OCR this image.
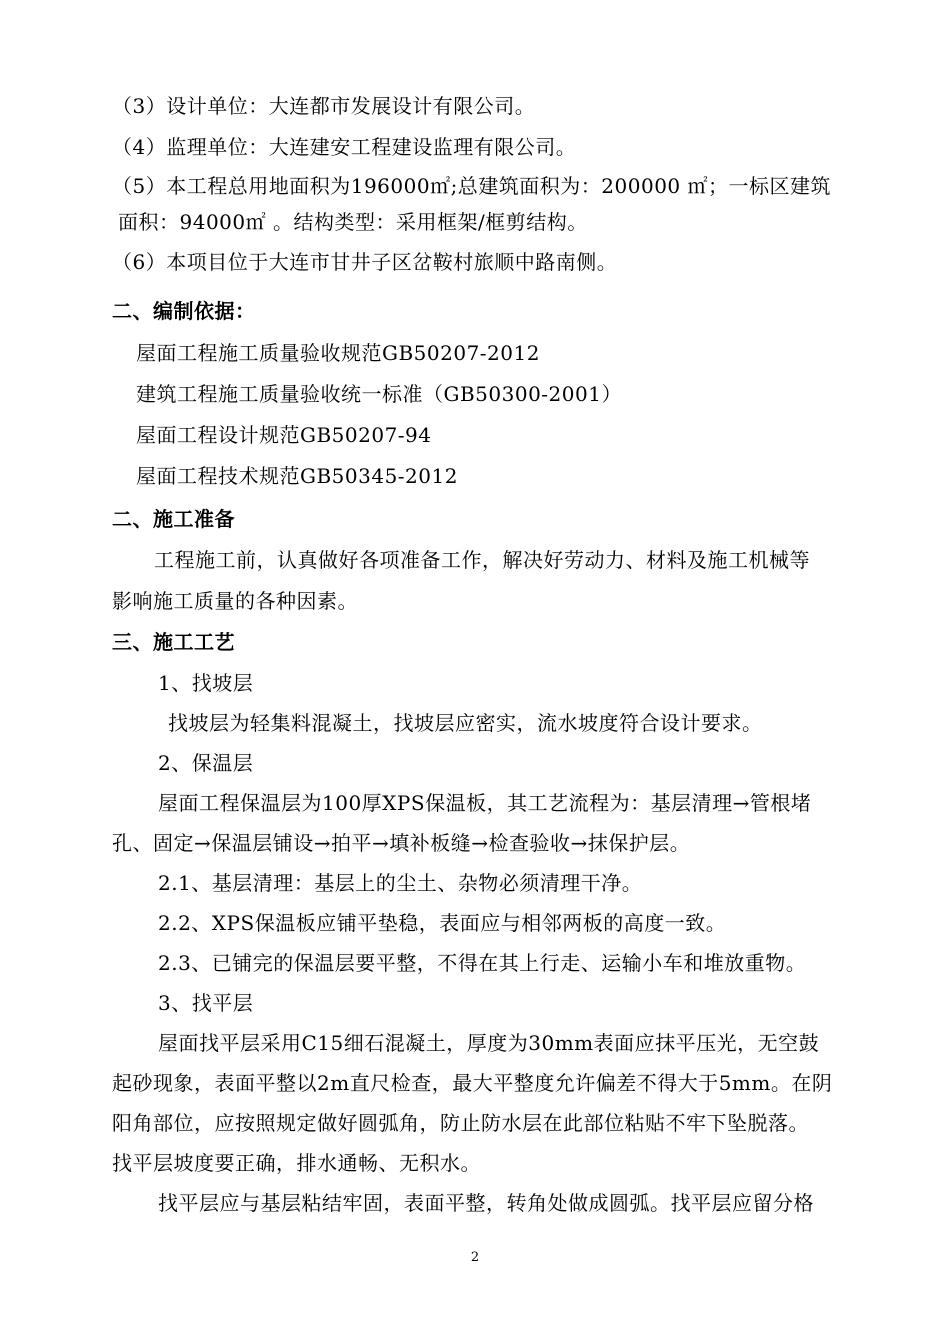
（3）设计单位：大连都市发展设计有限公司。
（4）监理单位：大连建安工程建设监理有限公司。
（5）本工程总用地面积为196000㎡;总建筑面积为：200000 ㎡；一标区建筑
面积：94000㎡ 。结构类型：采用框架/框剪结构。
（6）本项目位于大连市甘井子区岔鞍村旅顺中路南侧。
二、编制依据：
屋面工程施工质量验收规范GB50207-2012
建筑工程施工质量验收统一标准（GB50300-2001）
屋面工程设计规范GB50207-94
屋面工程技术规范GB50345-2012
二、施工准备
工程施工前，认真做好各项准备工作，解决好劳动力、材料及施工机械等
影响施工质量的各种因素。
三、施工工艺
1、找坡层
找坡层为轻集料混凝土，找坡层应密实，流水坡度符合设计要求。
2、保温层
屋面工程保温层为100厚XPS保温板，其工艺流程为：基层清理→管根堵
孔、固定→保温层铺设→拍平→填补板缝→检查验收→抹保护层。
2.1、基层清理：基层上的尘土、杂物必须清理干净。
2.2、XPS保温板应铺平垫稳，表面应与相邻两板的高度一致。
2.3、已铺完的保温层要平整，不得在其上行走、运输小车和堆放重物。
3、找平层
屋面找平层采用C15细石混凝土，厚度为30mm表面应抹平压光，无空鼓
起砂现象，表面平整以2m直尺检查，最大平整度允许偏差不得大于5mm。在阴
阳角部位，应按照规定做好圆弧角，防止防水层在此部位粘贴不牢下坠脱落。
找平层坡度要正确，排水通畅、无积水。
找平层应与基层粘结牢固，表面平整，转角处做成圆弧。找平层应留分格
2
